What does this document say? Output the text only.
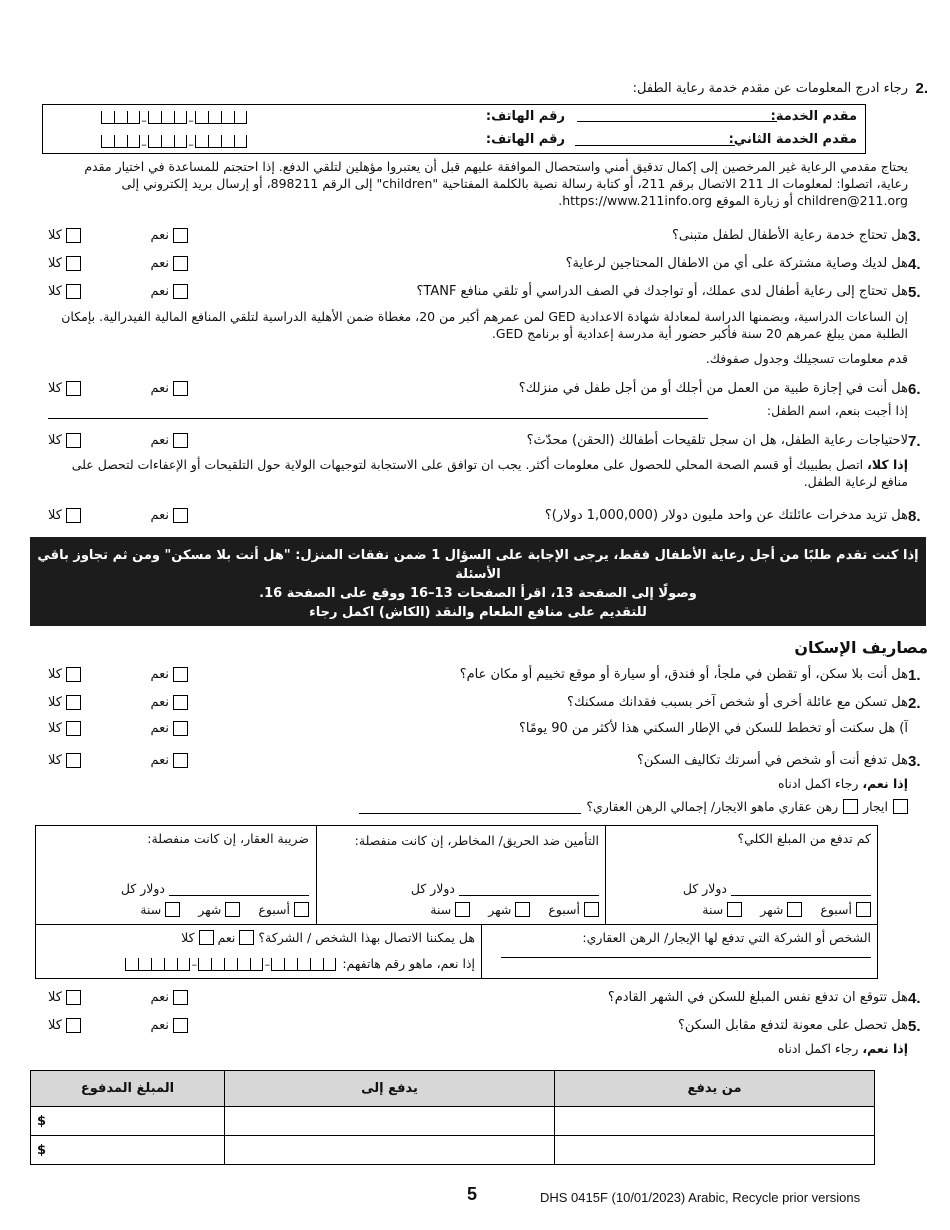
2.
رجاء ادرج المعلومات عن مقدم خدمة رعاية الطفل:
مقدم الخدمة:
رقم الهاتف:
–	–
مقدم الخدمة الثاني:
رقم الهاتف:
–	–
يحتاج مقدمي الرعاية غير المرخصين إلى إكمال تدقيق أمني واستحصال الموافقة عليهم قبل أن يعتبروا مؤهلين لتلقي الدفع. إذا احتجتم للمساعدة في اختيار مقدم رعاية، اتصلوا: لمعلومات الـ 211 الاتصال برقم 211، أو كتابة رسالة نصية بالكلمة المفتاحية "children" إلى الرقم 898211، أو إرسال بريد إلكتروني إلى children@211.org أو زيارة الموقع https://www.211info.org.
3.
هل تحتاج خدمة رعاية الأطفال لطفل متبنى؟
نعم
كلا
4.
هل لديك وصاية مشتركة على أي من الاطفال المحتاجين لرعاية؟
نعم
كلا
5.
هل تحتاج إلى رعاية أطفال لدى عملك، أو تواجدك في الصف الدراسي أو تلقي منافع TANF؟
نعم
كلا
إن الساعات الدراسية، وبضمنها الدراسة لمعادلة شهادة الاعدادية GED لمن عمرهم أكبر من 20، مغطاة ضمن الأهلية الدراسية لتلقي المنافع المالية الفيدرالية. بإمكان الطلبة ممن يبلغ عمرهم 20 سنة فأكبر حضور أية مدرسة إعدادية أو برنامج GED.
قدم معلومات تسجيلك وجدول صفوفك.
6.
هل أنت في إجازة طبية من العمل من أجلك أو من أجل طفل في منزلك؟
نعم
كلا
إذا أجبت بنعم، اسم الطفل:
7.
لاحتياجات رعاية الطفل، هل ان سجل تلقيحات أطفالك (الحقن) محدّث؟
نعم
كلا
إذا كلا، اتصل بطبيبك أو قسم الصحة المحلي للحصول على معلومات أكثر. يجب ان توافق على الاستجابة لتوجيهات الولاية حول التلقيحات أو الإعفاءات لتحصل على منافع لرعاية الطفل.
8.
هل تزيد مدخرات عائلتك عن واحد مليون دولار (1,000,000 دولار)؟
نعم
كلا
إذا كنت تقدم طلبًا من أجل رعاية الأطفال فقط، يرجى الإجابة على السؤال 1 ضمن نفقات المنزل: "هل أنت بلا مسكن" ومن ثم تجاوز باقي الأسئلة
وصولًا إلى الصفحة 13، اقرأ الصفحات 13–16 ووقع على الصفحة 16.
للتقديم على منافع الطعام والنقد (الكاش) اكمل رجاء
مصاريف الإسكان
1.
هل أنت بلا سكن، أو تقطن في ملجأ، أو فندق، أو سيارة أو موقع تخييم أو مكان عام؟
نعم
كلا
2.
هل تسكن مع عائلة أخرى أو شخص آخر بسبب فقدانك مسكنك؟
نعم
كلا
آ) هل سكنت أو تخطط للسكن في الإطار السكني هذا لأكثر من 90 يومًا؟
نعم
كلا
3.
هل تدفع أنت أو شخص في أسرتك تكاليف السكن؟
نعم
كلا
إذا نعم، رجاء اكمل ادناه
ايجار
رهن عقاري ماهو الايجار/ إجمالي الرهن العقاري؟
كم تدفع من المبلغ الكلي؟
دولار كل
أسبوع
شهر
سنة
التأمين ضد الحريق/ المخاطر، إن كانت منفصلة:
دولار كل
أسبوع
شهر
سنة
ضريبة العقار، إن كانت منفصلة:
دولار كل
أسبوع
شهر
سنة
الشخص أو الشركة التي تدفع لها الإيجار/ الرهن العقاري:
هل يمكننا الاتصال بهذا الشخص / الشركة؟
نعم
كلا
إذا نعم، ماهو رقم هاتفهم:
–	–
4.
هل تتوقع ان تدفع نفس المبلغ للسكن في الشهر القادم؟
نعم
كلا
5.
هل تحصل على معونة لتدفع مقابل السكن؟
نعم
كلا
إذا نعم، رجاء اكمل ادناه
من يدفع	يدفع إلى	المبلغ المدفوع
		$
		$
5	DHS 0415F (10/01/2023) Arabic, Recycle prior versions
